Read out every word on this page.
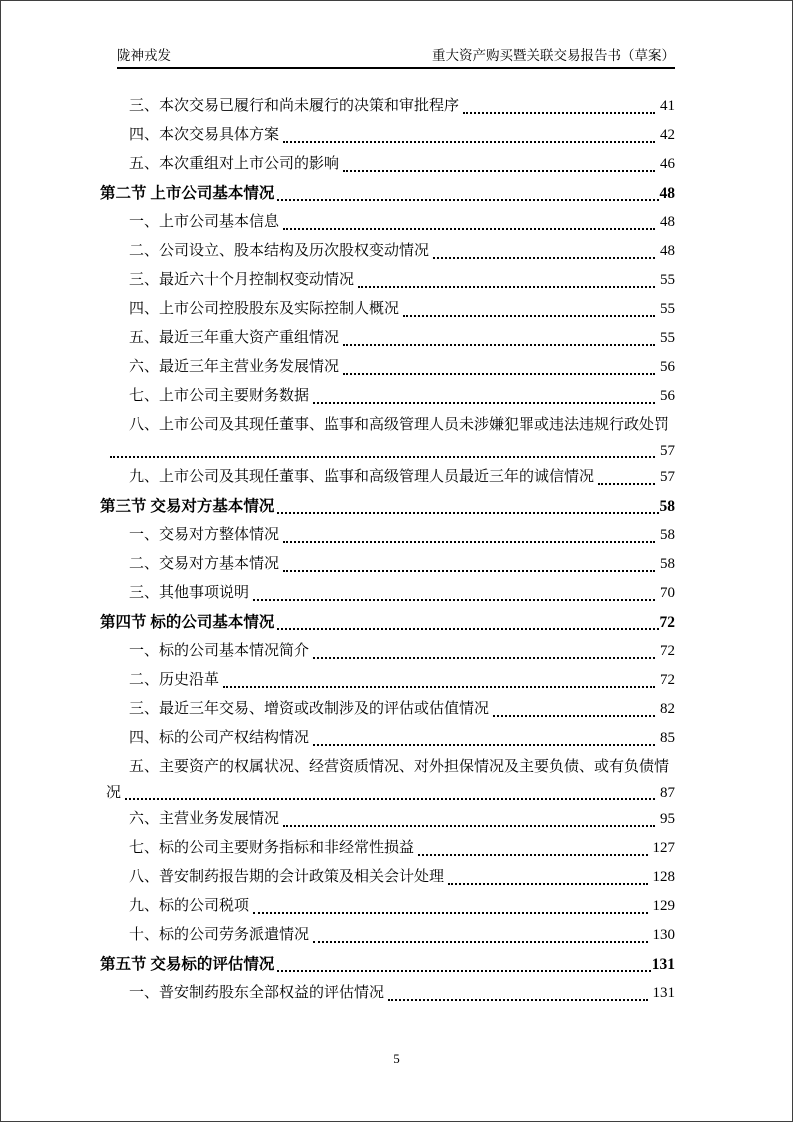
陇神戎发	重大资产购买暨关联交易报告书（草案）
三、本次交易已履行和尚未履行的决策和审批程序	41
四、本次交易具体方案	42
五、本次重组对上市公司的影响	46
第二节 上市公司基本情况	48
一、上市公司基本信息	48
二、公司设立、股本结构及历次股权变动情况	48
三、最近六十个月控制权变动情况	55
四、上市公司控股股东及实际控制人概况	55
五、最近三年重大资产重组情况	55
六、最近三年主营业务发展情况	56
七、上市公司主要财务数据	56
八、上市公司及其现任董事、监事和高级管理人员未涉嫌犯罪或违法违规行政处罚
57
九、上市公司及其现任董事、监事和高级管理人员最近三年的诚信情况	57
第三节 交易对方基本情况	58
一、交易对方整体情况	58
二、交易对方基本情况	58
三、其他事项说明	70
第四节 标的公司基本情况	72
一、标的公司基本情况简介	72
二、历史沿革	72
三、最近三年交易、增资或改制涉及的评估或估值情况	82
四、标的公司产权结构情况	85
五、主要资产的权属状况、经营资质情况、对外担保情况及主要负债、或有负债情
况	87
六、主营业务发展情况	95
七、标的公司主要财务指标和非经常性损益	127
八、普安制药报告期的会计政策及相关会计处理	128
九、标的公司税项	129
十、标的公司劳务派遣情况	130
第五节 交易标的评估情况	131
一、普安制药股东全部权益的评估情况	131
5
